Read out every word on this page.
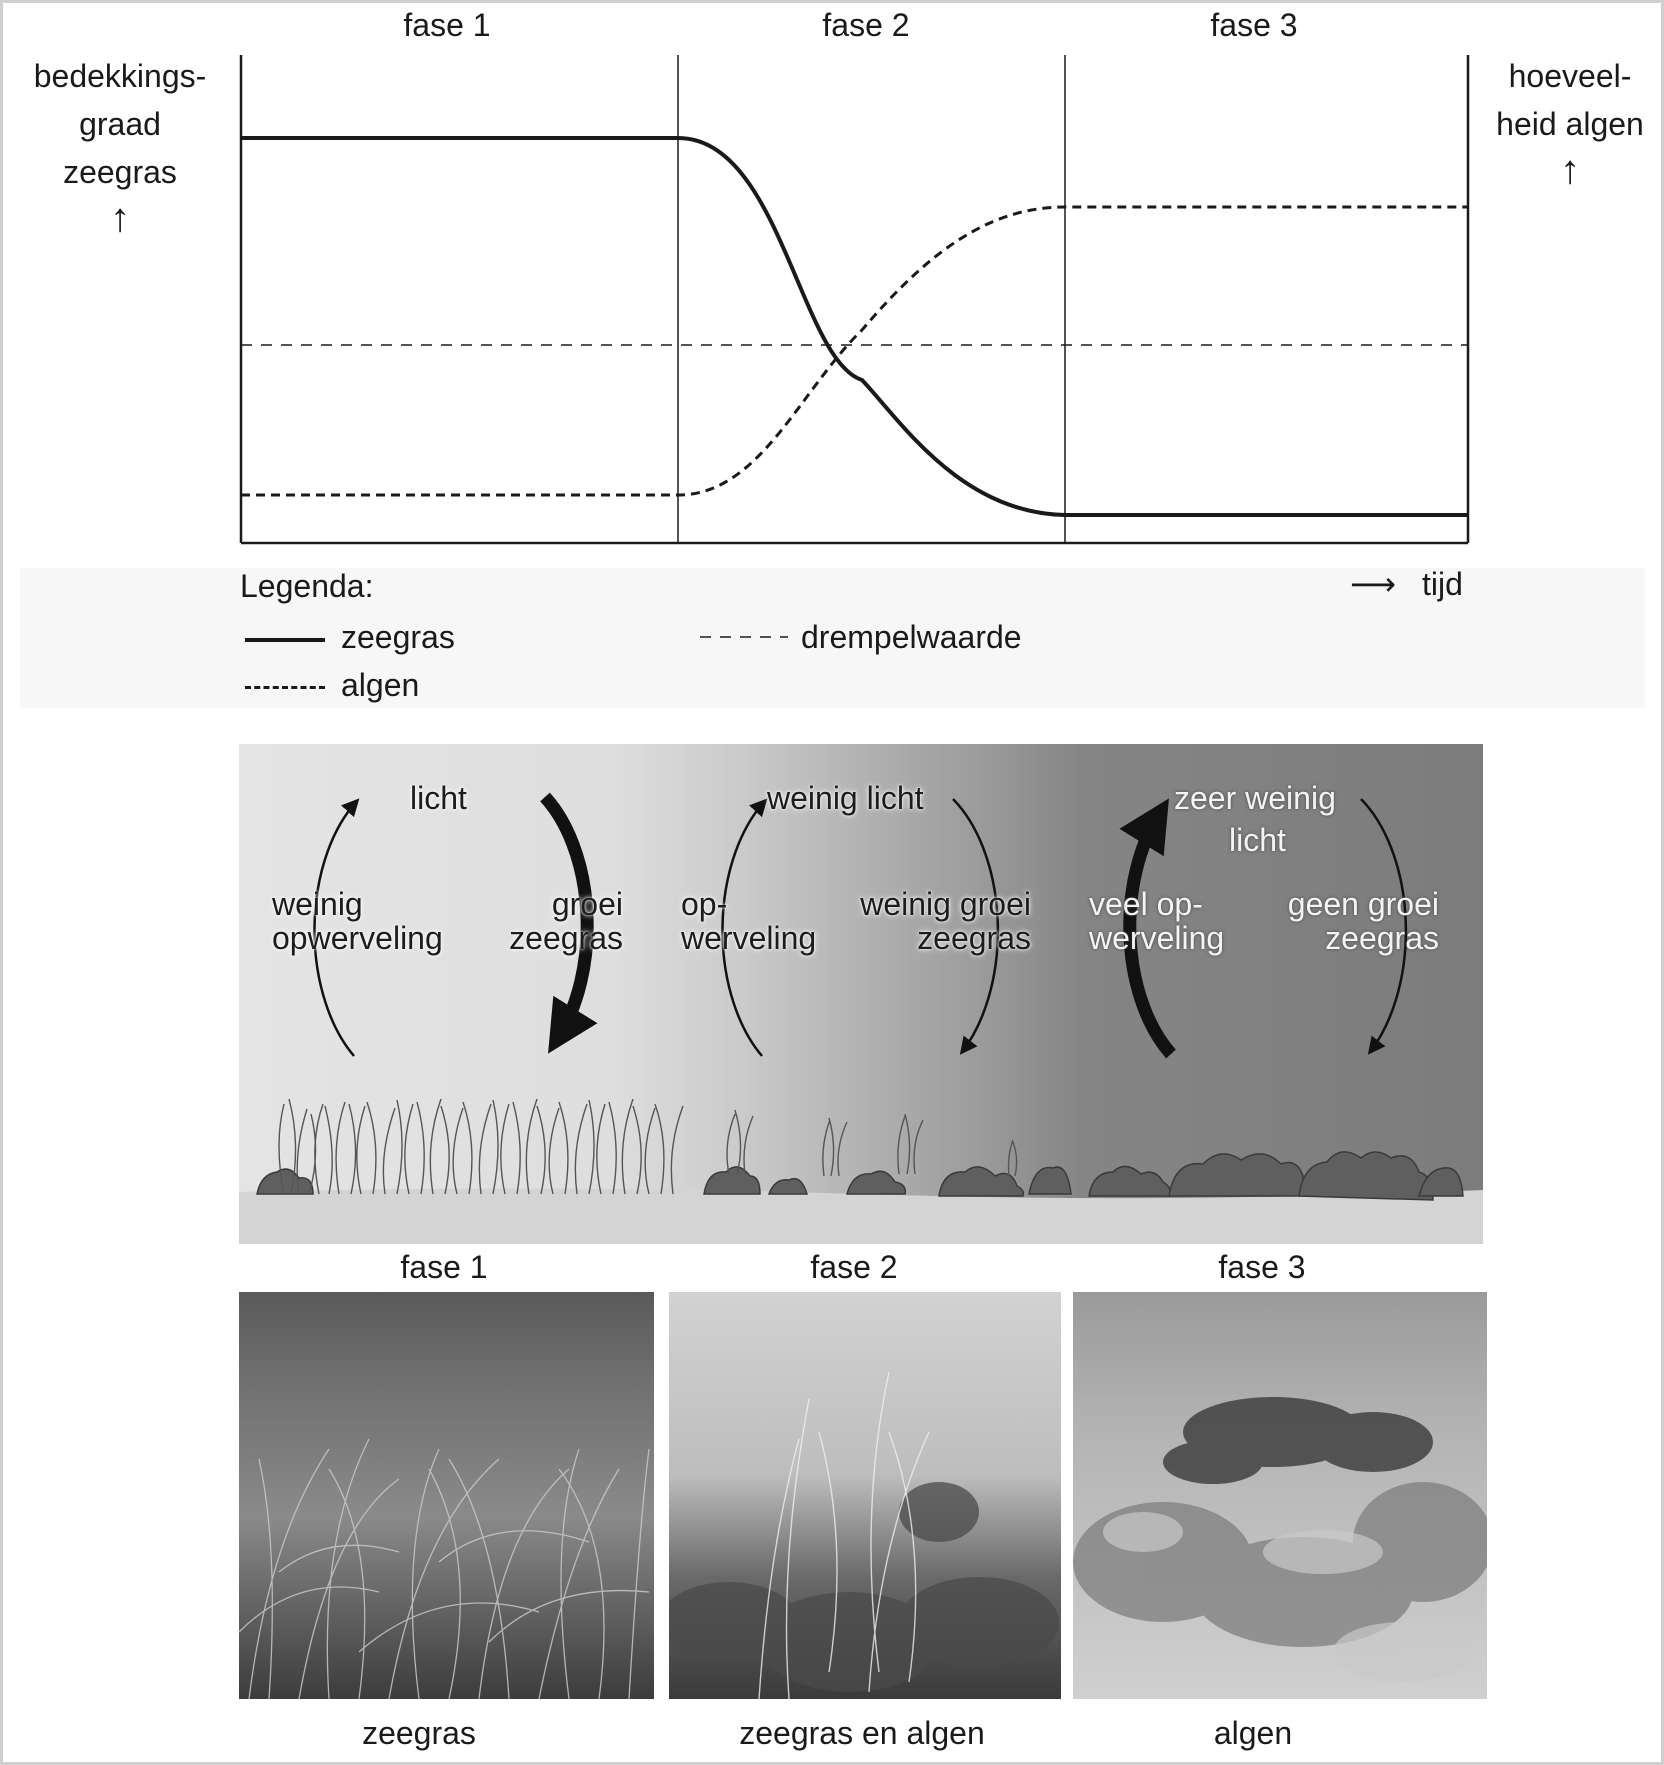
fase 1	fase 2	fase 3
bedekkings-
graad
zeegras
↑
hoeveel-
heid algen
↑
⟶ tijd
Legenda:
zeegras
algen
drempelwaarde
licht
weinig
opwerveling
groei
zeegras
weinig licht
op-
werveling
weinig groei
zeegras
zeer weinig
licht
veel op-
werveling
geen groei
zeegras
fase 1	fase 2	fase 3
zeegras	zeegras en algen	algen
